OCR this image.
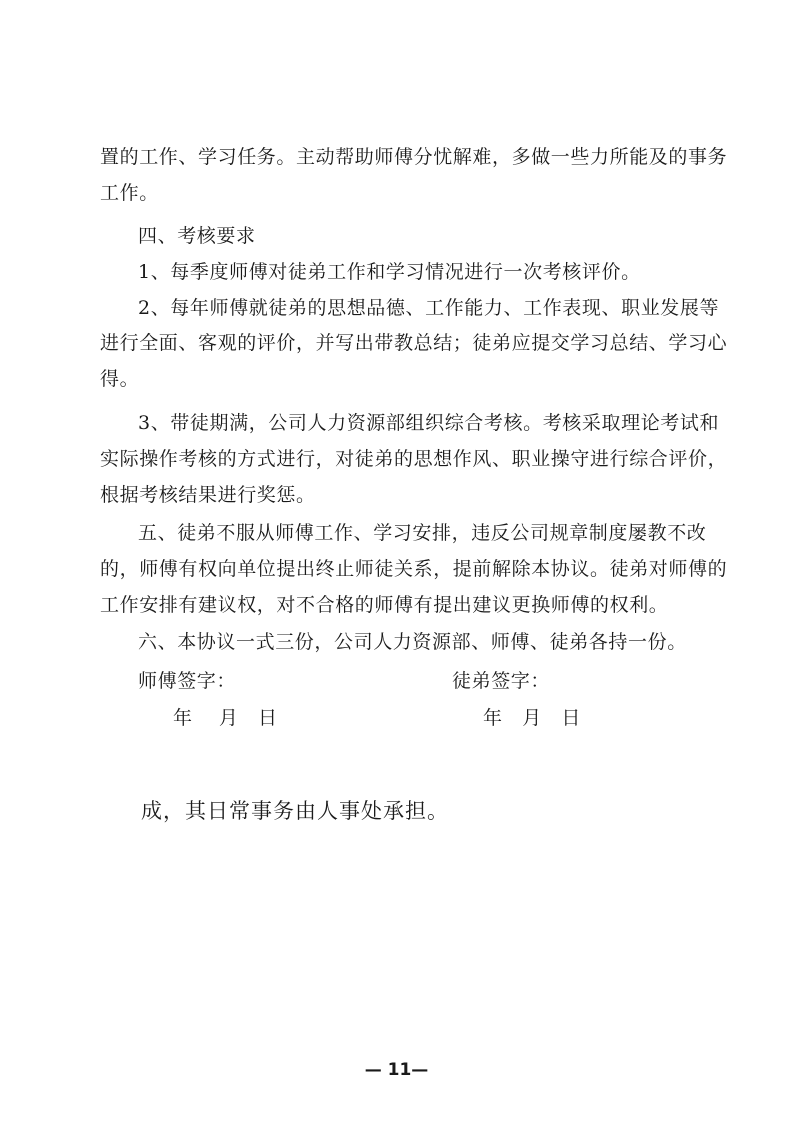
置的工作、学习任务。主动帮助师傅分忧解难，多做一些力所能及的事务
工作。
四、考核要求
1、每季度师傅对徒弟工作和学习情况进行一次考核评价。
2、每年师傅就徒弟的思想品德、工作能力、工作表现、职业发展等
进行全面、客观的评价，并写出带教总结；徒弟应提交学习总结、学习心
得。
3、带徒期满，公司人力资源部组织综合考核。考核采取理论考试和
实际操作考核的方式进行，对徒弟的思想作风、职业操守进行综合评价，
根据考核结果进行奖惩。
五、徒弟不服从师傅工作、学习安排，违反公司规章制度屡教不改
的，师傅有权向单位提出终止师徒关系，提前解除本协议。徒弟对师傅的
工作安排有建议权，对不合格的师傅有提出建议更换师傅的权利。
六、本协议一式三份，公司人力资源部、师傅、徒弟各持一份。
师傅签字：	徒弟签字：
年　 月　日	年　月　日
成，其日常事务由人事处承担。
— 11—
